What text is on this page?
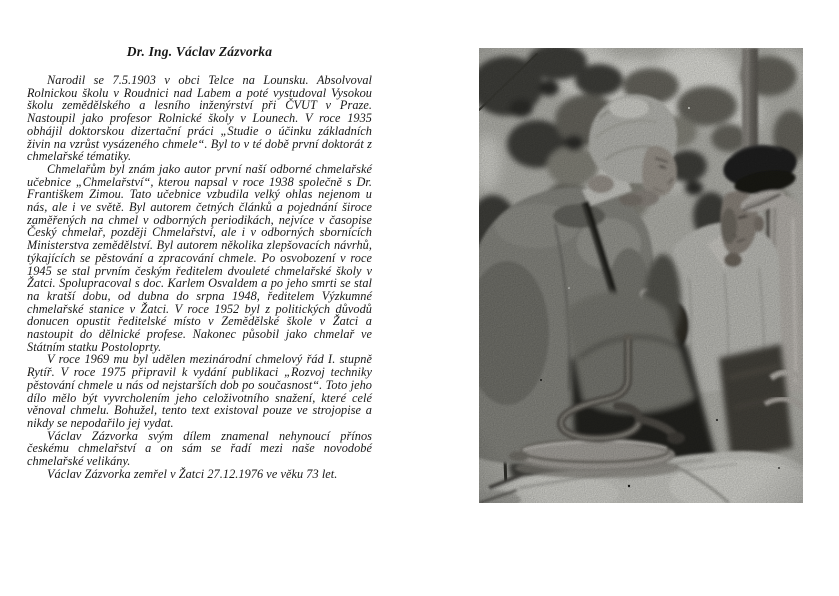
Dr. Ing. Václav Zázvorka

Narodil se 7.5.1903 v obci Telce na Lounsku. Absolvoval Rolnickou školu v Roudnici nad Labem a poté vystudoval Vysokou školu zemědělského a lesního inženýrství při ČVUT v Praze. Nastoupil jako profesor Rolnické školy v Lounech. V roce 1935 obhájil doktorskou dizertační práci „Studie o účinku základních živin na vzrůst vysázeného chmele“. Byl to v té době první doktorát z chmelařské tématiky.

Chmelařům byl znám jako autor první naší odborné chmelařské učebnice „Chmelařství“, kterou napsal v roce 1938 společně s Dr. Františkem Zimou. Tato učebnice vzbudila velký ohlas nejenom u nás, ale i ve světě. Byl autorem četných článků a pojednání široce zaměřených na chmel v odborných periodikách, nejvíce v časopise Český chmelař, později Chmelařství, ale i v odborných sbornících Ministerstva zemědělství. Byl autorem několika zlepšovacích návrhů, týkajících se pěstování a zpracování chmele. Po osvobození v roce 1945 se stal prvním českým ředitelem dvouleté chmelařské školy v Žatci. Spolupracoval s doc. Karlem Osvaldem a po jeho smrti se stal na kratší dobu, od dubna do srpna 1948, ředitelem Výzkumné chmelařské stanice v Žatci. V roce 1952 byl z politických důvodů donucen opustit ředitelské místo v Zemědělské škole v Žatci a nastoupit do dělnické profese. Nakonec působil jako chmelař ve Státním statku Postoloprty.

V roce 1969 mu byl udělen mezinárodní chmelový řád I. stupně Rytíř. V roce 1975 připravil k vydání publikaci „Rozvoj techniky pěstování chmele u nás od nejstarších dob po současnost“. Toto jeho dílo mělo být vyvrcholením jeho celoživotního snažení, které celé věnoval chmelu. Bohužel, tento text existoval pouze ve strojopise a nikdy se nepodařilo jej vydat.

Václav Zázvorka svým dílem znamenal nehynoucí přínos českému chmelařství a on sám se řadí mezi naše novodobé chmelařské velikány.

Václav Zázvorka zemřel v Žatci 27.12.1976 ve věku 73 let.
